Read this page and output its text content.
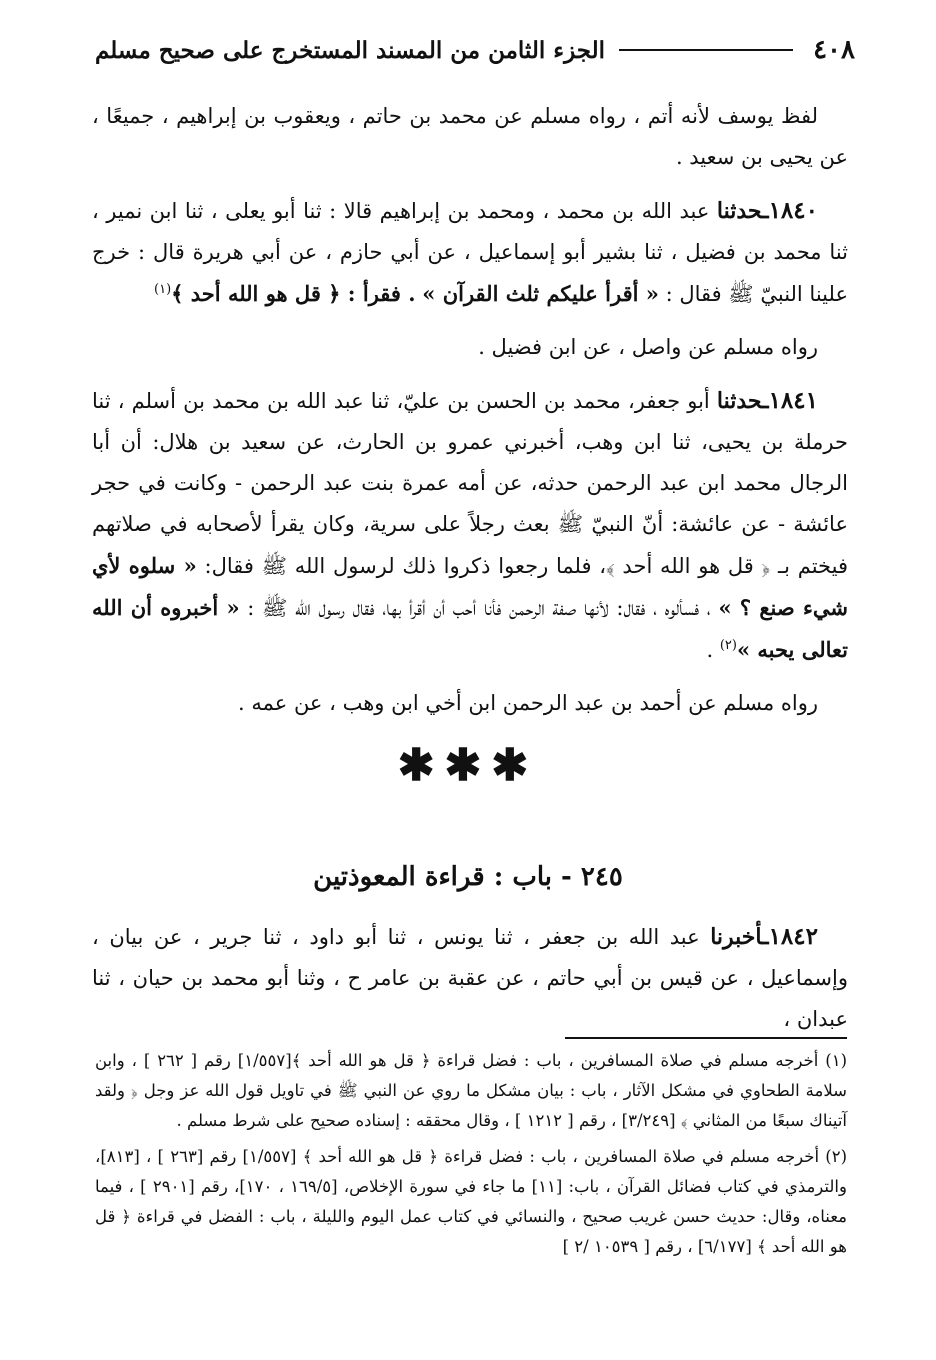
٤٠٨
الجزء الثامن من المسند المستخرج على صحيح مسلم

لفظ يوسف لأنه أتم ، رواه مسلم عن محمد بن حاتم ، ويعقوب بن إبراهيم ، جميعًا ، عن يحيى بن سعيد .

١٨٤٠ـحدثنا عبد الله بن محمد ، ومحمد بن إبراهيم قالا : ثنا أبو يعلى ، ثنا ابن نمير ، ثنا محمد بن فضيل ، ثنا بشير أبو إسماعيل ، عن أبي حازم ، عن أبي هريرة قال : خرج علينا النبيّ ﷺ فقال : « أقرأ عليكم ثلث القرآن » . فقرأ : ﴿ قل هو الله أحد ﴾$^{(١)}$

رواه مسلم عن واصل ، عن ابن فضيل .

١٨٤١ـحدثنا أبو جعفر، محمد بن الحسن بن عليّ، ثنا عبد الله بن محمد بن أسلم ، ثنا حرملة بن يحيى، ثنا ابن وهب، أخبرني عمرو بن الحارث، عن سعيد بن هلال: أن أبا الرجال محمد ابن عبد الرحمن حدثه، عن أمه عمرة بنت عبد الرحمن - وكانت في حجر عائشة - عن عائشة: أنّ النبيّ ﷺ بعث رجلاً على سرية، وكان يقرأ لأصحابه في صلاتهم فيختم بـ ﴿ قل هو الله أحد ﴾، فلما رجعوا ذكروا ذلك لرسول الله ﷺ فقال: « سلوه لأي شيء صنع ؟ » ، فسألوه ، فقال: لأنها صفة الرحمن فأنا أحب أن أقرأ بها، فقال رسول الله ﷺ : « أخبروه أن الله تعالى يحبه »$^{(٢)}$ .

رواه مسلم عن أحمد بن عبد الرحمن ابن أخي ابن وهب ، عن عمه .

✱✱✱
٢٤٥ - باب : قراءة المعوذتين

١٨٤٢ـأخبرنا عبد الله بن جعفر ، ثنا يونس ، ثنا أبو داود ، ثنا جرير ، عن بيان ، وإسماعيل ، عن قيس بن أبي حاتم ، عن عقبة بن عامر ح ، وثنا أبو محمد بن حيان ، ثنا عبدان ،

(١) أخرجه مسلم في صلاة المسافرين ، باب : فضل قراءة ﴿ قل هو الله أحد ﴾[١/٥٥٧] رقم [ ٢٦٢ ] ، وابن سلامة الطحاوي في مشكل الآثار ، باب : بيان مشكل ما روي عن النبي ﷺ في تاويل قول الله عز وجل ﴿ ولقد آتيناك سبعًا من المثاني ﴾ [٣/٢٤٩] ، رقم [ ١٢١٢ ] ، وقال محققه : إسناده صحيح على شرط مسلم .

(٢) أخرجه مسلم في صلاة المسافرين ، باب : فضل قراءة ﴿ قل هو الله أحد ﴾ [١/٥٥٧] رقم [٢٦٣ ] ، [٨١٣]، والترمذي في كتاب فضائل القرآن ، باب: [١١] ما جاء في سورة الإخلاص، [١٦٩/٥ ، ١٧٠]، رقم [٢٩٠١ ] ، فيما معناه، وقال: حديث حسن غريب صحيح ، والنسائي في كتاب عمل اليوم والليلة ، باب : الفضل في قراءة ﴿ قل هو الله أحد ﴾ [٦/١٧٧] ، رقم [ ١٠٥٣٩ /٢ ]
